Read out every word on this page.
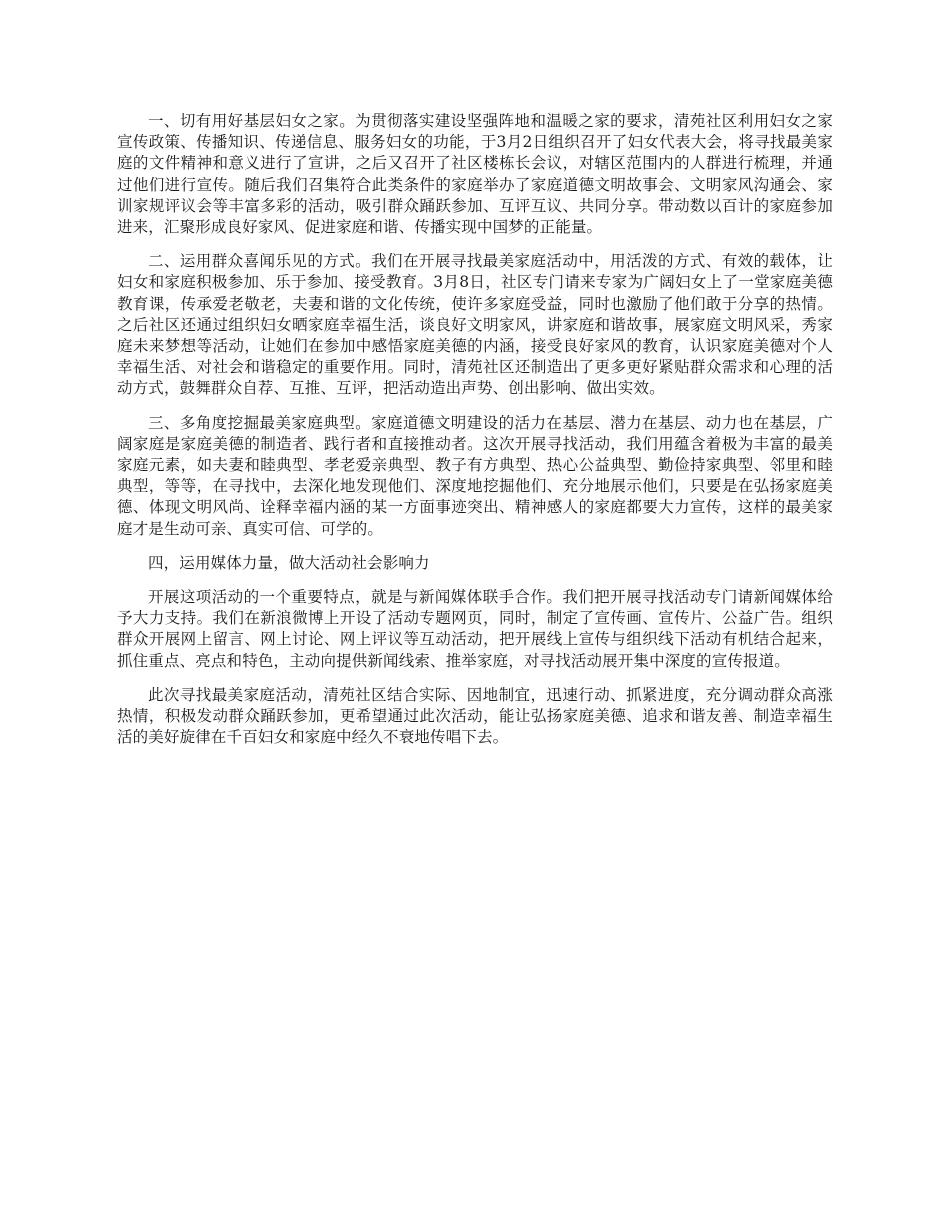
一、切有用好基层妇女之家。为贯彻落实建设坚强阵地和温暖之家的要求，清苑社区利用妇女之家宣传政策、传播知识、传递信息、服务妇女的功能，于3月2日组织召开了妇女代表大会，将寻找最美家庭的文件精神和意义进行了宣讲，之后又召开了社区楼栋长会议，对辖区范围内的人群进行梳理，并通过他们进行宣传。随后我们召集符合此类条件的家庭举办了家庭道德文明故事会、文明家风沟通会、家训家规评议会等丰富多彩的活动，吸引群众踊跃参加、互评互议、共同分享。带动数以百计的家庭参加进来，汇聚形成良好家风、促进家庭和谐、传播实现中国梦的正能量。

二、运用群众喜闻乐见的方式。我们在开展寻找最美家庭活动中，用活泼的方式、有效的载体，让妇女和家庭积极参加、乐于参加、接受教育。3月8日，社区专门请来专家为广阔妇女上了一堂家庭美德教育课，传承爱老敬老，夫妻和谐的文化传统，使许多家庭受益，同时也激励了他们敢于分享的热情。之后社区还通过组织妇女晒家庭幸福生活，谈良好文明家风，讲家庭和谐故事，展家庭文明风采，秀家庭未来梦想等活动，让她们在参加中感悟家庭美德的内涵，接受良好家风的教育，认识家庭美德对个人幸福生活、对社会和谐稳定的重要作用。同时，清苑社区还制造出了更多更好紧贴群众需求和心理的活动方式，鼓舞群众自荐、互推、互评，把活动造出声势、创出影响、做出实效。

三、多角度挖掘最美家庭典型。家庭道德文明建设的活力在基层、潜力在基层、动力也在基层，广阔家庭是家庭美德的制造者、践行者和直接推动者。这次开展寻找活动，我们用蕴含着极为丰富的最美家庭元素，如夫妻和睦典型、孝老爱亲典型、教子有方典型、热心公益典型、勤俭持家典型、邻里和睦典型，等等，在寻找中，去深化地发现他们、深度地挖掘他们、充分地展示他们，只要是在弘扬家庭美德、体现文明风尚、诠释幸福内涵的某一方面事迹突出、精神感人的家庭都要大力宣传，这样的最美家庭才是生动可亲、真实可信、可学的。

四，运用媒体力量，做大活动社会影响力

开展这项活动的一个重要特点，就是与新闻媒体联手合作。我们把开展寻找活动专门请新闻媒体给予大力支持。我们在新浪微博上开设了活动专题网页，同时，制定了宣传画、宣传片、公益广告。组织群众开展网上留言、网上讨论、网上评议等互动活动，把开展线上宣传与组织线下活动有机结合起来，抓住重点、亮点和特色，主动向提供新闻线索、推举家庭，对寻找活动展开集中深度的宣传报道。

此次寻找最美家庭活动，清苑社区结合实际、因地制宜，迅速行动、抓紧进度，充分调动群众高涨热情，积极发动群众踊跃参加，更希望通过此次活动，能让弘扬家庭美德、追求和谐友善、制造幸福生活的美好旋律在千百妇女和家庭中经久不衰地传唱下去。
